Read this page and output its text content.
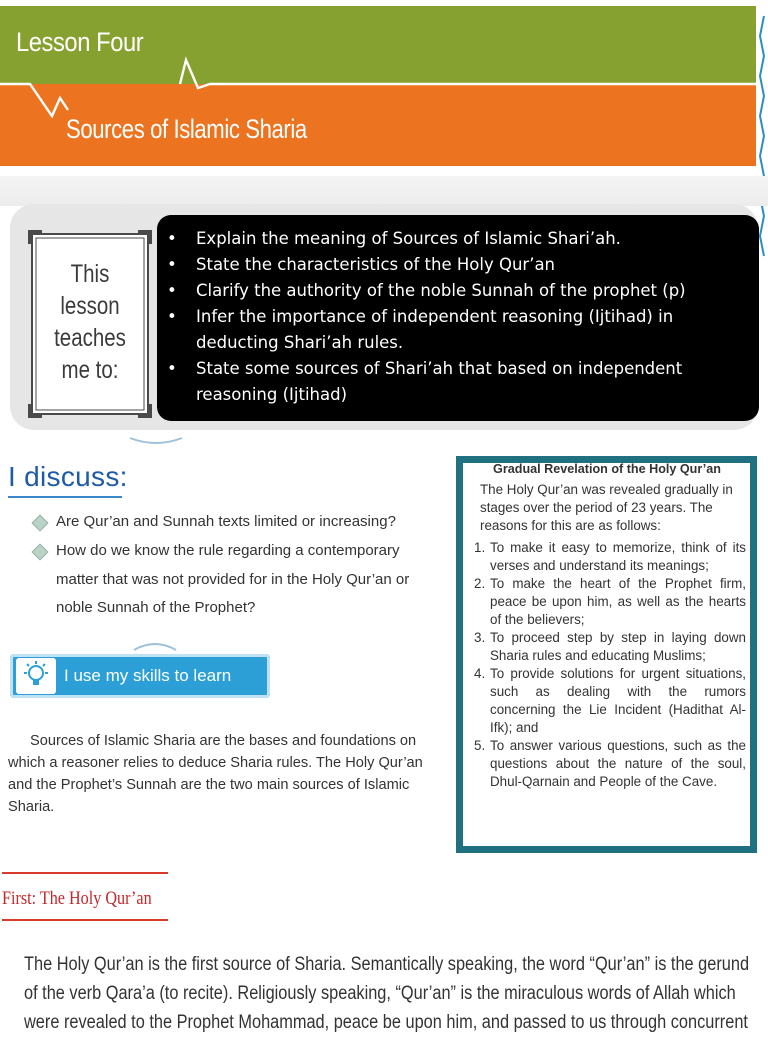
Lesson Four
Sources of Islamic Sharia
This lesson
teaches
me to:
• Explain the meaning of Sources of Islamic Shari’ah.
• State the characteristics of the Holy Qur’an
• Clarify the authority of the noble Sunnah of the prophet (p)
• Infer the importance of independent reasoning (Ijtihad) in deducting Shari’ah rules.
• State some sources of Shari’ah that based on independent reasoning (Ijtihad)
I discuss:
Are Qur’an and Sunnah texts limited or increasing?
How do we know the rule regarding a contemporary matter that was not provided for in the Holy Qur’an or noble Sunnah of the Prophet?
I use my skills to learn
Sources of Islamic Sharia are the bases and foundations on which a reasoner relies to deduce Sharia rules. The Holy Qur’an and the Prophet’s Sunnah are the two main sources of Islamic Sharia.
Gradual Revelation of the Holy Qur’an
The Holy Qur’an was revealed gradually in stages over the period of 23 years. The reasons for this are as follows:
1. To make it easy to memorize, think of its verses and understand its meanings;
2. To make the heart of the Prophet firm, peace be upon him, as well as the hearts of the believers;
3. To proceed step by step in laying down Sharia rules and educating Muslims;
4. To provide solutions for urgent situations, such as dealing with the rumors concerning the Lie Incident (Hadithat Al-Ifk); and
5. To answer various questions, such as the questions about the nature of the soul, Dhul-Qarnain and People of the Cave.
First: The Holy Qur’an
The Holy Qur’an is the first source of Sharia. Semantically speaking, the word “Qur’an” is the gerund
of the verb Qara’a (to recite). Religiously speaking, “Qur’an” is the miraculous words of Allah which
were revealed to the Prophet Mohammad, peace be upon him, and passed to us through concurrent
